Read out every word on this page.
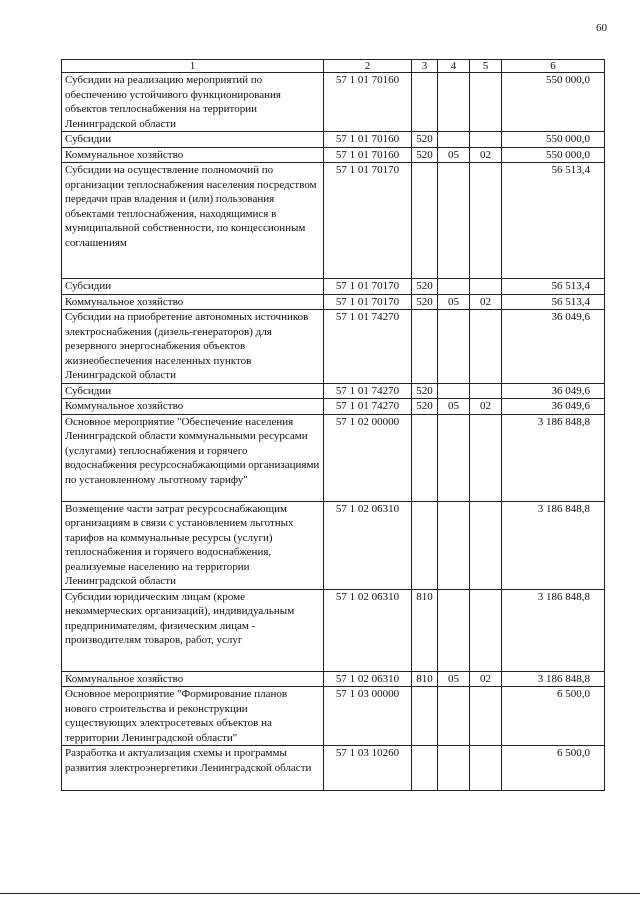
60
1	2	3	4	5	6
Субсидии на реализацию мероприятий по обеспечению устойчивого функционирования объектов теплоснабжения на территории Ленинградской области	57 1 01 70160				550 000,0
Субсидии	57 1 01 70160	520			550 000,0
Коммунальное хозяйство	57 1 01 70160	520	05	02	550 000,0
Субсидии на осуществление полномочий по организации теплоснабжения населения посредством передачи прав владения и (или) пользования объектами теплоснабжения, находящимися в муниципальной собственности, по концессионным соглашениям	57 1 01 70170				56 513,4
Субсидии	57 1 01 70170	520			56 513,4
Коммунальное хозяйство	57 1 01 70170	520	05	02	56 513,4
Субсидии на приобретение автономных источников электроснабжения (дизель-генераторов) для резервного энергоснабжения объектов жизнеобеспечения населенных пунктов Ленинградской области	57 1 01 74270				36 049,6
Субсидии	57 1 01 74270	520			36 049,6
Коммунальное хозяйство	57 1 01 74270	520	05	02	36 049,6
Основное мероприятие "Обеспечение населения Ленинградской области коммунальными ресурсами (услугами) теплоснабжения и горячего водоснабжения ресурсоснабжающими организациями по установленному льготному тарифу"	57 1 02 00000				3 186 848,8
Возмещение части затрат ресурсоснабжающим организациям в связи с установлением льготных тарифов на коммунальные ресурсы (услуги) теплоснабжения и горячего водоснабжения, реализуемые населению на территории Ленинградской области	57 1 02 06310				3 186 848,8
Субсидии юридическим лицам (кроме некоммерческих организаций), индивидуальным предпринимателям, физическим лицам - производителям товаров, работ, услуг	57 1 02 06310	810			3 186 848,8
Коммунальное хозяйство	57 1 02 06310	810	05	02	3 186 848,8
Основное мероприятие "Формирование планов нового строительства и реконструкции существующих электросетевых объектов на территории Ленинградской области"	57 1 03 00000				6 500,0
Разработка и актуализация схемы и программы развития электроэнергетики Ленинградской области	57 1 03 10260				6 500,0
